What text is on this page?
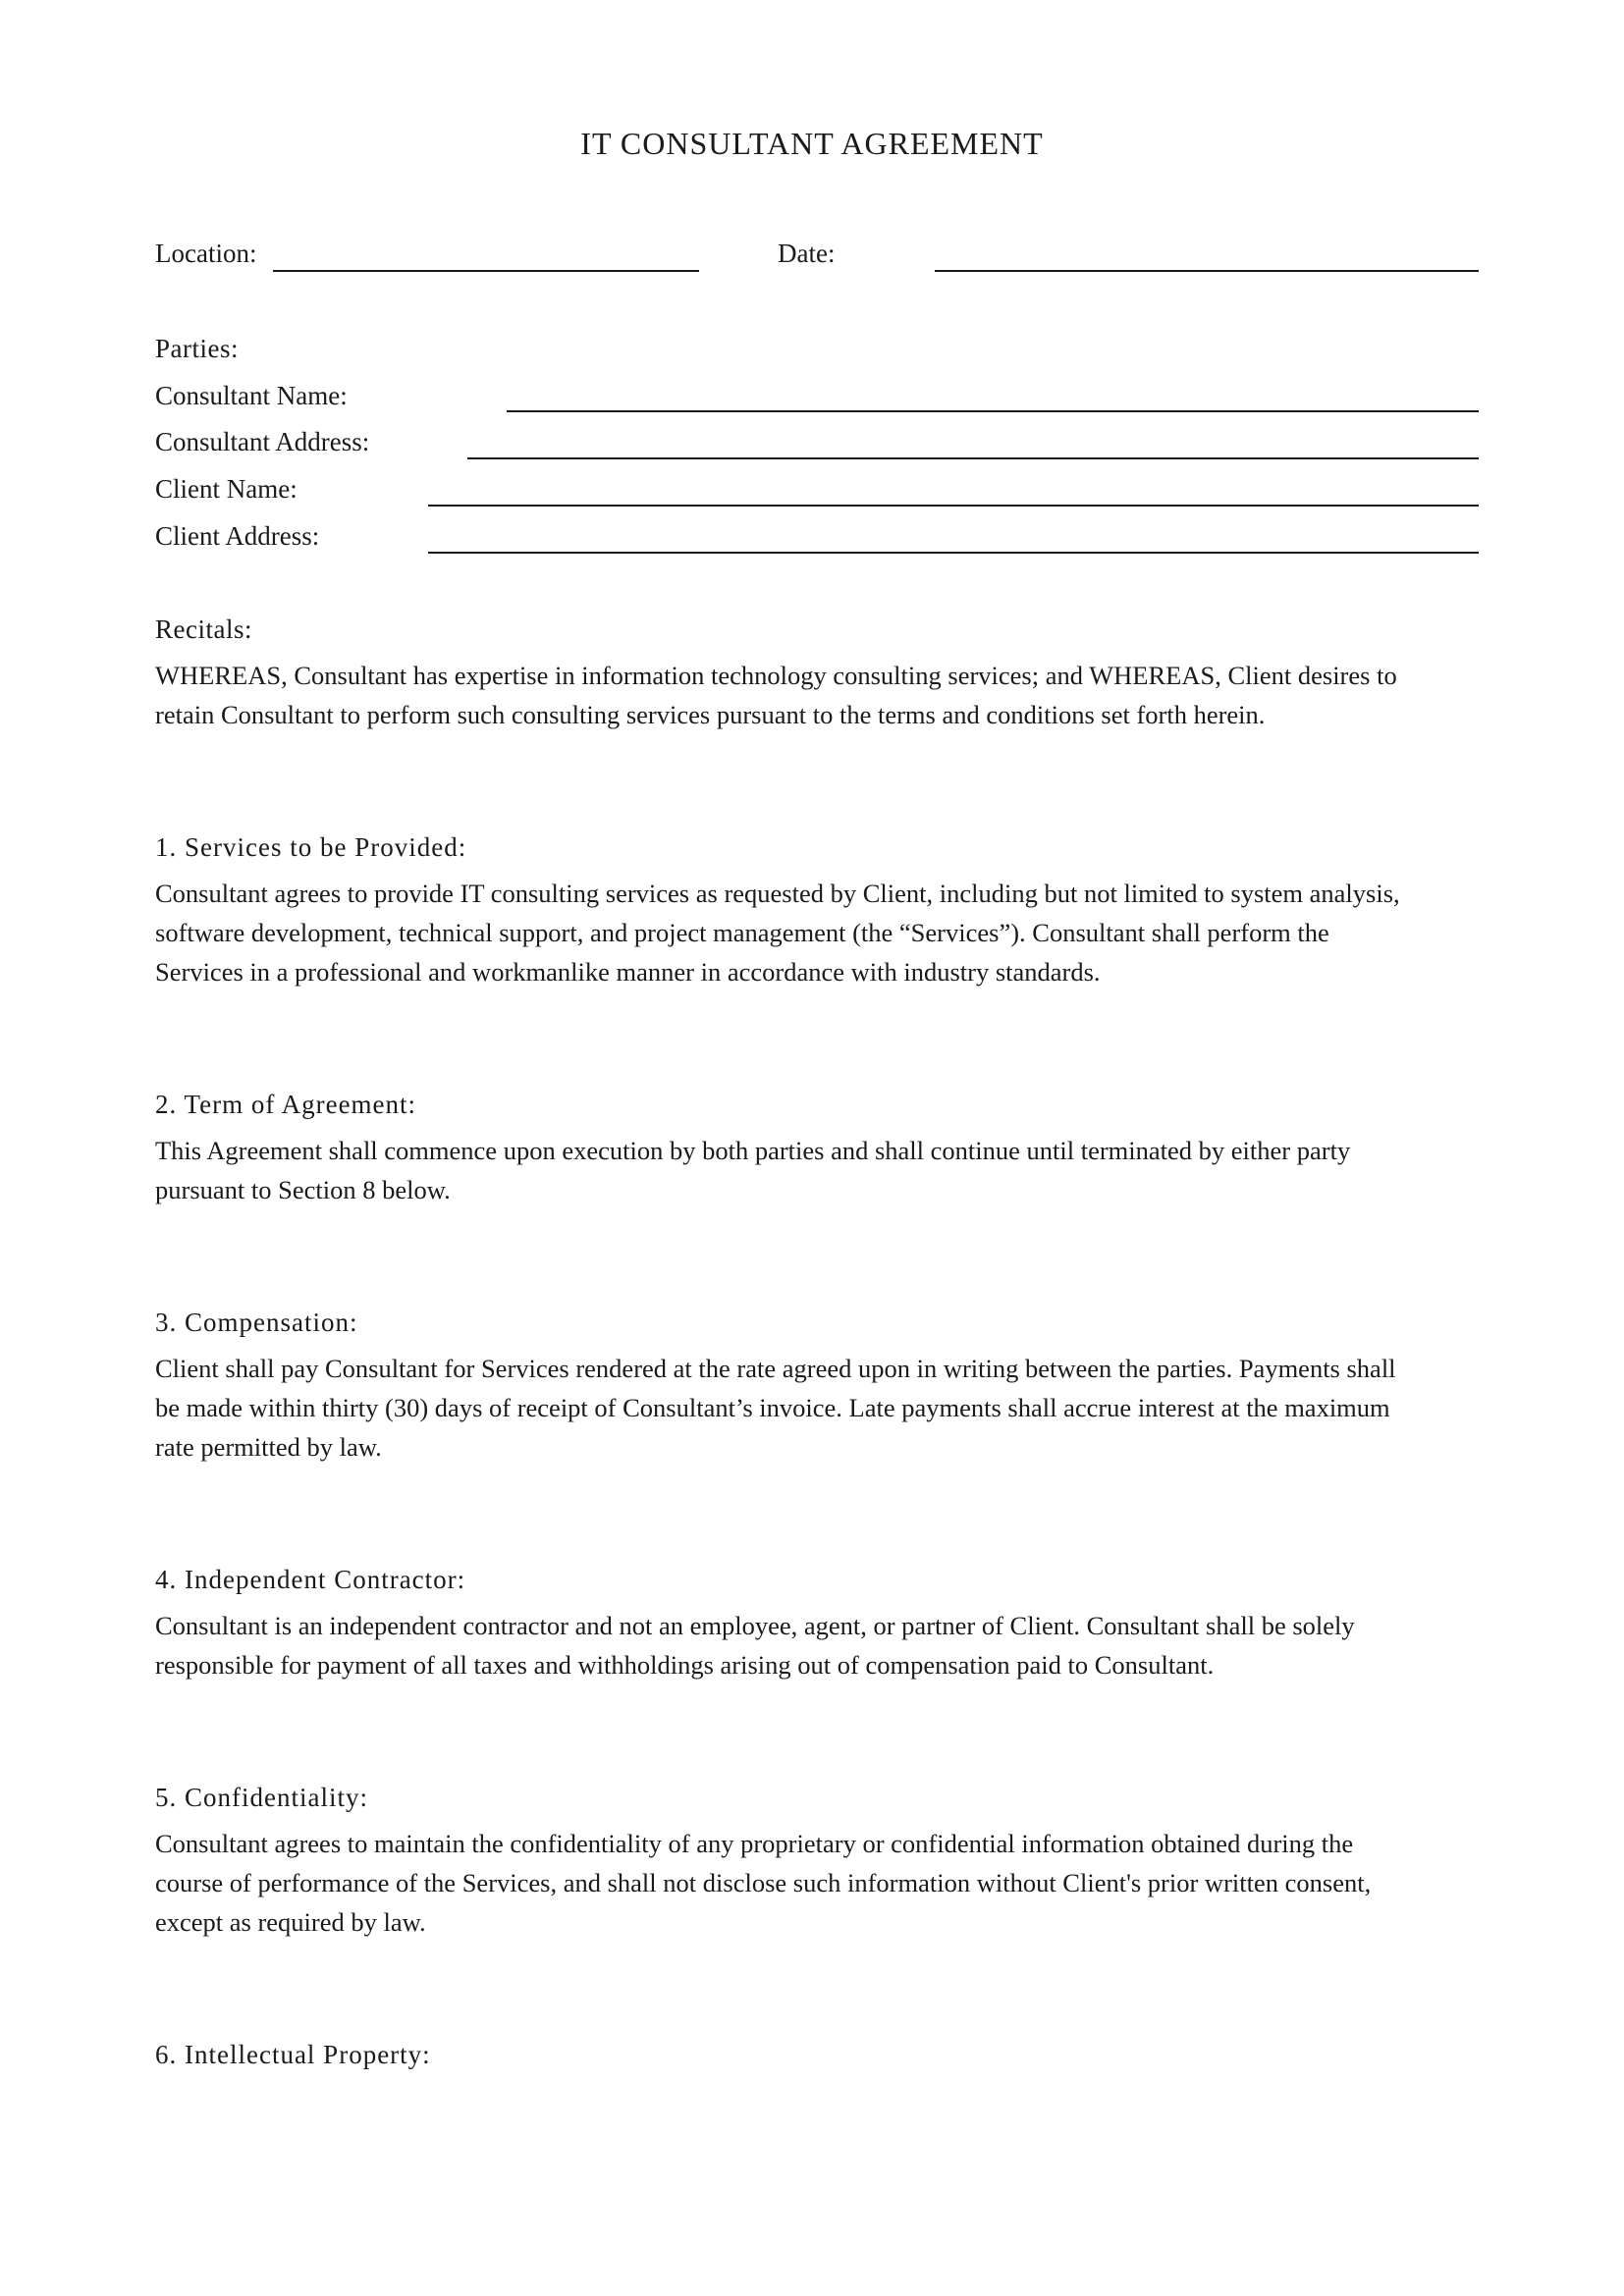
IT CONSULTANT AGREEMENT
Location:	Date:
Parties:
Consultant Name:
Consultant Address:
Client Name:
Client Address:
Recitals:
WHEREAS, Consultant has expertise in information technology consulting services; and WHEREAS, Client desires to
retain Consultant to perform such consulting services pursuant to the terms and conditions set forth herein.
1. Services to be Provided:
Consultant agrees to provide IT consulting services as requested by Client, including but not limited to system analysis,
software development, technical support, and project management (the “Services”). Consultant shall perform the
Services in a professional and workmanlike manner in accordance with industry standards.
2. Term of Agreement:
This Agreement shall commence upon execution by both parties and shall continue until terminated by either party
pursuant to Section 8 below.
3. Compensation:
Client shall pay Consultant for Services rendered at the rate agreed upon in writing between the parties. Payments shall
be made within thirty (30) days of receipt of Consultant’s invoice. Late payments shall accrue interest at the maximum
rate permitted by law.
4. Independent Contractor:
Consultant is an independent contractor and not an employee, agent, or partner of Client. Consultant shall be solely
responsible for payment of all taxes and withholdings arising out of compensation paid to Consultant.
5. Confidentiality:
Consultant agrees to maintain the confidentiality of any proprietary or confidential information obtained during the
course of performance of the Services, and shall not disclose such information without Client's prior written consent,
except as required by law.
6. Intellectual Property:
